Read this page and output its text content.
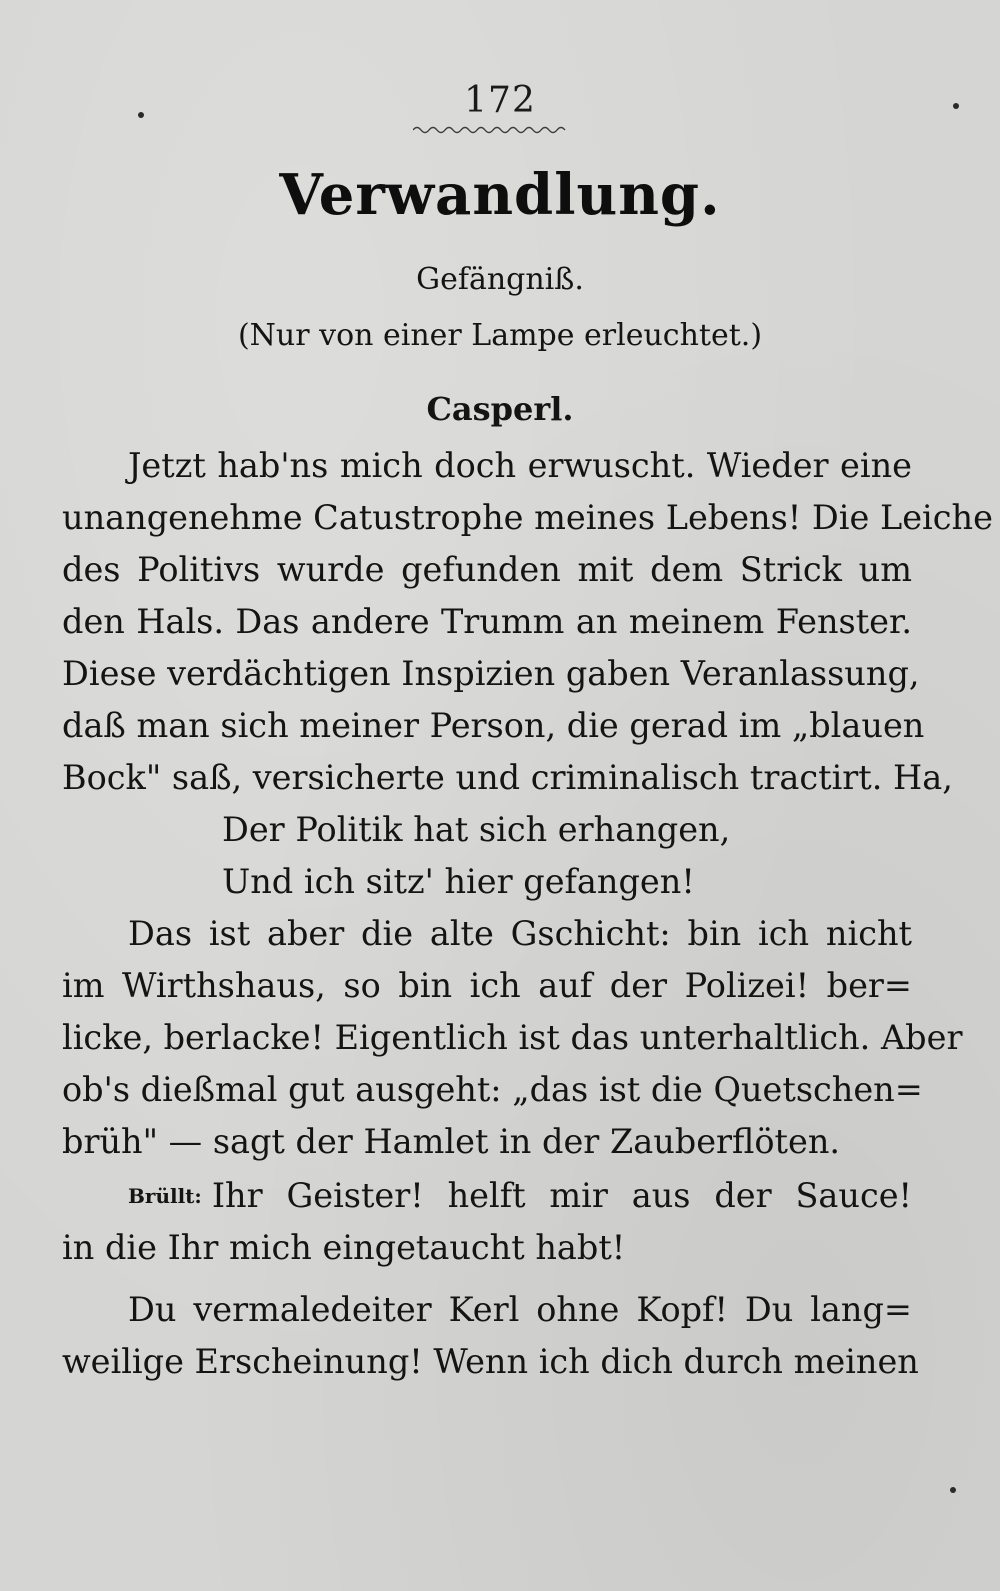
172
Verwandlung.
Gefängniß.
(Nur von einer Lampe erleuchtet.)
Casperl.
Jetzt hab'ns mich doch erwuscht. Wieder eine
unangenehme Catustrophe meines Lebens! Die Leiche
des Politivs wurde gefunden mit dem Strick um
den Hals. Das andere Trumm an meinem Fenster.
Diese verdächtigen Inspizien gaben Veranlassung,
daß man sich meiner Person, die gerad im „blauen
Bock" saß, versicherte und criminalisch tractirt. Ha,
Der Politik hat sich erhangen,
Und ich sitz' hier gefangen!
Das ist aber die alte Gschicht: bin ich nicht
im Wirthshaus, so bin ich auf der Polizei! ber=
licke, berlacke! Eigentlich ist das unterhaltlich. Aber
ob's dießmal gut ausgeht: „das ist die Quetschen=
brüh" — sagt der Hamlet in der Zauberflöten.
Brüllt: Ihr Geister! helft mir aus der Sauce!
in die Ihr mich eingetaucht habt!
Du vermaledeiter Kerl ohne Kopf! Du lang=
weilige Erscheinung! Wenn ich dich durch meinen
